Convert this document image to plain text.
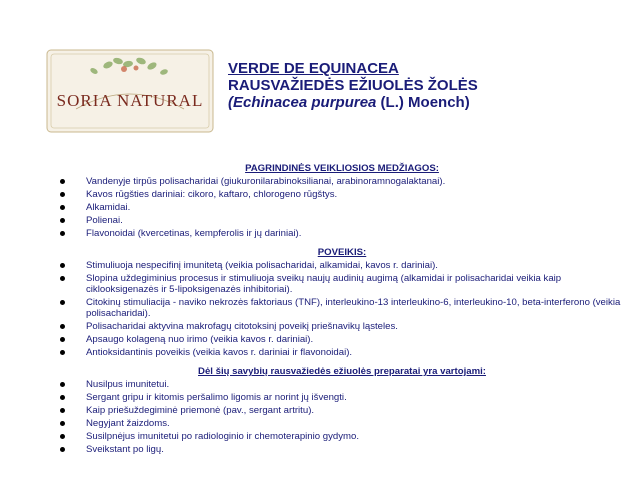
SORIA NATURAL
VERDE DE EQUINACEA
RAUSVAŽIEDĖS EŽIUOLĖS ŽOLĖS
(Echinacea purpurea (L.) Moench)
PAGRINDINĖS VEIKLIOSIOS MEDŽIAGOS:
Vandenyje tirpūs polisacharidai (giukuronilarabinoksilianai, arabinoramnogalaktanai).
Kavos rūgšties dariniai: cikoro, kaftaro, chlorogeno rūgštys.
Alkamidai.
Polienai.
Flavonoidai (kvercetinas, kempferolis ir jų dariniai).
POVEIKIS:
Stimuliuoja nespecifinį imunitetą (veikia polisacharidai, alkamidai, kavos r. dariniai).
Slopina uždegiminius procesus ir stimuliuoja sveikų naujų audinių augimą (alkamidai ir polisacharidai veikia kaip ciklooksigenazės ir 5-lipoksigenazės inhibitoriai).
Citokinų stimuliacija - naviko nekrozės faktoriaus (TNF), interleukino-13 interleukino-6, interleukino-10, beta-interferono (veikia polisacharidai).
Polisacharidai aktyvina makrofagų citotoksinį poveikį priešnavikų ląsteles.
Apsaugo kolageną nuo irimo (veikia kavos r. dariniai).
Antioksidantinis poveikis (veikia kavos r. dariniai ir flavonoidai).
Dėl šių savybių rausvažiedės ežiuolės preparatai yra vartojami:
Nusilpus imunitetui.
Sergant gripu ir kitomis peršalimo ligomis ar norint jų išvengti.
Kaip priešuždegiminė priemonė (pav., sergant artritu).
Negyjant žaizdoms.
Susilpnėjus imunitetui po radiologinio ir chemoterapinio gydymo.
Sveikstant po ligų.
